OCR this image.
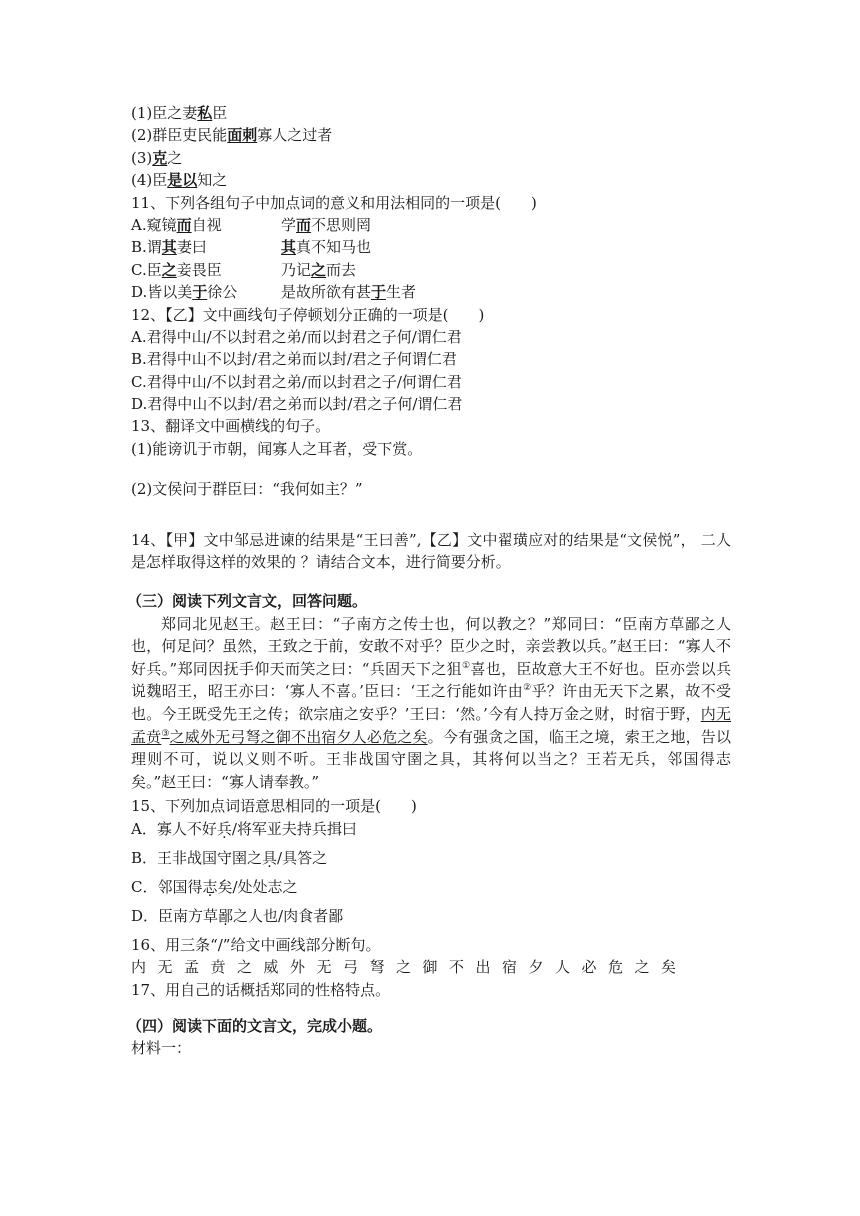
(1)臣之妻私臣
(2)群臣吏民能面刺寡人之过者
(3)克之
(4)臣是以知之
11、下列各组句子中加点词的意义和用法相同的一项是(　　)
A.窥镜而自视	学而不思则罔
B.谓其妻曰	其真不知马也
C.臣之妾畏臣	乃记之而去
D.皆以美于徐公	是故所欲有甚于生者
12、【乙】文中画线句子停顿划分正确的一项是(　　)
A.君得中山/不以封君之弟/而以封君之子何/谓仁君
B.君得中山不以封/君之弟而以封/君之子何谓仁君
C.君得中山/不以封君之弟/而以封君之子/何谓仁君
D.君得中山不以封/君之弟而以封/君之子何/谓仁君
13、翻译文中画横线的句子。
(1)能谤讥于市朝，闻寡人之耳者，受下赏。
(2)文侯问于群臣曰：“我何如主？”
14、【甲】文中邹忌进谏的结果是“王曰善”,【乙】文中翟璜应对的结果是“文侯悦”， 二人是怎样取得这样的效果的 ？请结合文本，进行简要分析。
（三）阅读下列文言文，回答问题。
郑同北见赵王。赵王曰：“子南方之传士也，何以教之？”郑同曰：“臣南方草鄙之人也，何足问？虽然，王致之于前，安敢不对乎？臣少之时，亲尝教以兵。”赵王曰：“寡人不好兵。”郑同因抚手仰天而笑之曰：“兵固天下之狙①喜也，臣故意大王不好也。臣亦尝以兵说魏昭王，昭王亦曰：‘寡人不喜。’臣曰：‘王之行能如许由②乎？许由无天下之累，故不受也。今王既受先王之传；欲宗庙之安乎？’王曰：‘然。’今有人持万金之财，时宿于野，内无孟贲③之威外无弓弩之御不出宿夕人必危之矣。今有强贪之国，临王之境，索王之地，告以理则不可，说以义则不听。王非战国守圉之具，其将何以当之？王若无兵，邻国得志矣。”赵王曰：“寡人请奉教。”
15、下列加点词语意思相同的一项是(　　)
A．寡人不好兵/将军亚夫持兵揖曰
B．王非战国守圉之具/具答之
C．邻国得志矣/处处志之
D．臣南方草鄙之人也/肉食者鄙
16、用三条“/”给文中画线部分断句。
内无孟贲之威外无弓弩之御不出宿夕人必危之矣
17、用自己的话概括郑同的性格特点。
（四）阅读下面的文言文，完成小题。
材料一：
